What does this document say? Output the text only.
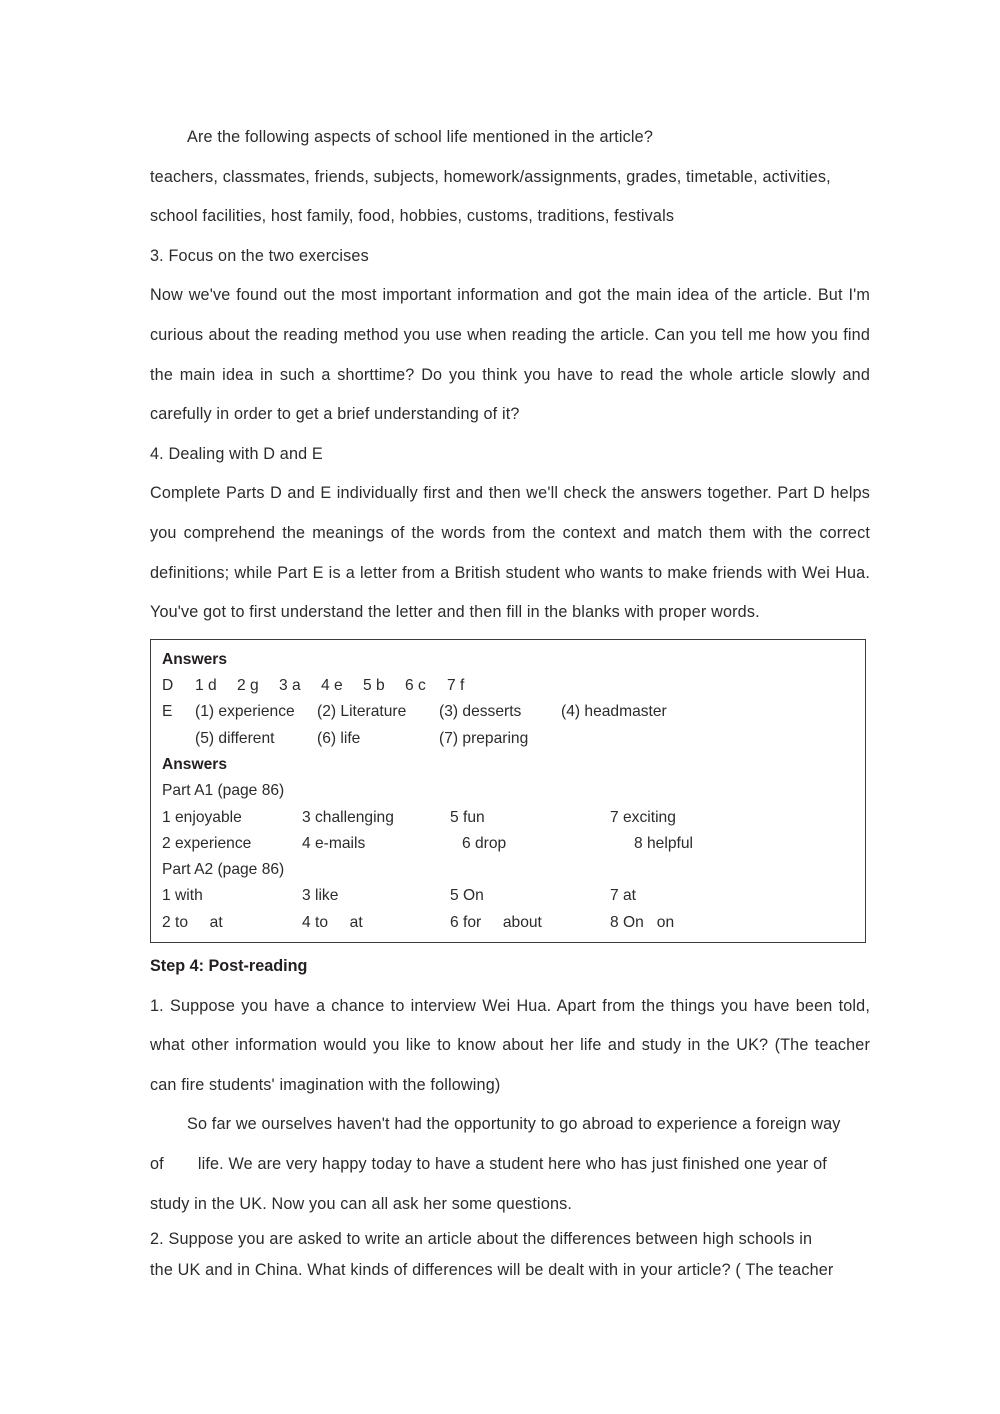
Are the following aspects of school life mentioned in the article?

teachers, classmates, friends, subjects, homework/assignments, grades, timetable, activities,

school facilities, host family, food, hobbies, customs, traditions, festivals

3. Focus on the two exercises

Now we've found out the most important information and got the main idea of the article. But I'm curious about the reading method you use when reading the article. Can you tell me how you find the main idea in such a shorttime? Do you think you have to read the whole article slowly and carefully in order to get a brief understanding of it?

4. Dealing with D and E

Complete Parts D and E individually first and then we'll check the answers together. Part D helps you comprehend the meanings of the words from the context and match them with the correct definitions; while Part E is a letter from a British student who wants to make friends with Wei Hua. You've got to first understand the letter and then fill in the blanks with proper words.

Answers
D	1 d	2 g	3 a	4 e	5 b	6 c	7 f
E	(1) experience	(2) Literature	(3) desserts	(4) headmaster
(5) different	(6) life	(7) preparing
Answers
Part A1 (page 86)
1 enjoyable	3 challenging	5 fun	7 exciting
2 experience	4 e-mails	6 drop	8 helpful
Part A2 (page 86)
1 with	3 like	5 On	7 at
2 to     at	4 to     at	6 for     about	8 On   on

Step 4: Post-reading

1. Suppose you have a chance to interview Wei Hua. Apart from the things you have been told, what other information would you like to know about her life and study in the UK? (The teacher can fire students' imagination with the following)

So far we ourselves haven't had the opportunity to go abroad to experience a foreign way

of life. We are very happy today to have a student here who has just finished one year of

study in the UK. Now you can all ask her some questions.

2. Suppose you are asked to write an article about the differences between high schools in

the UK and in China. What kinds of differences will be dealt with in your article? ( The teacher
